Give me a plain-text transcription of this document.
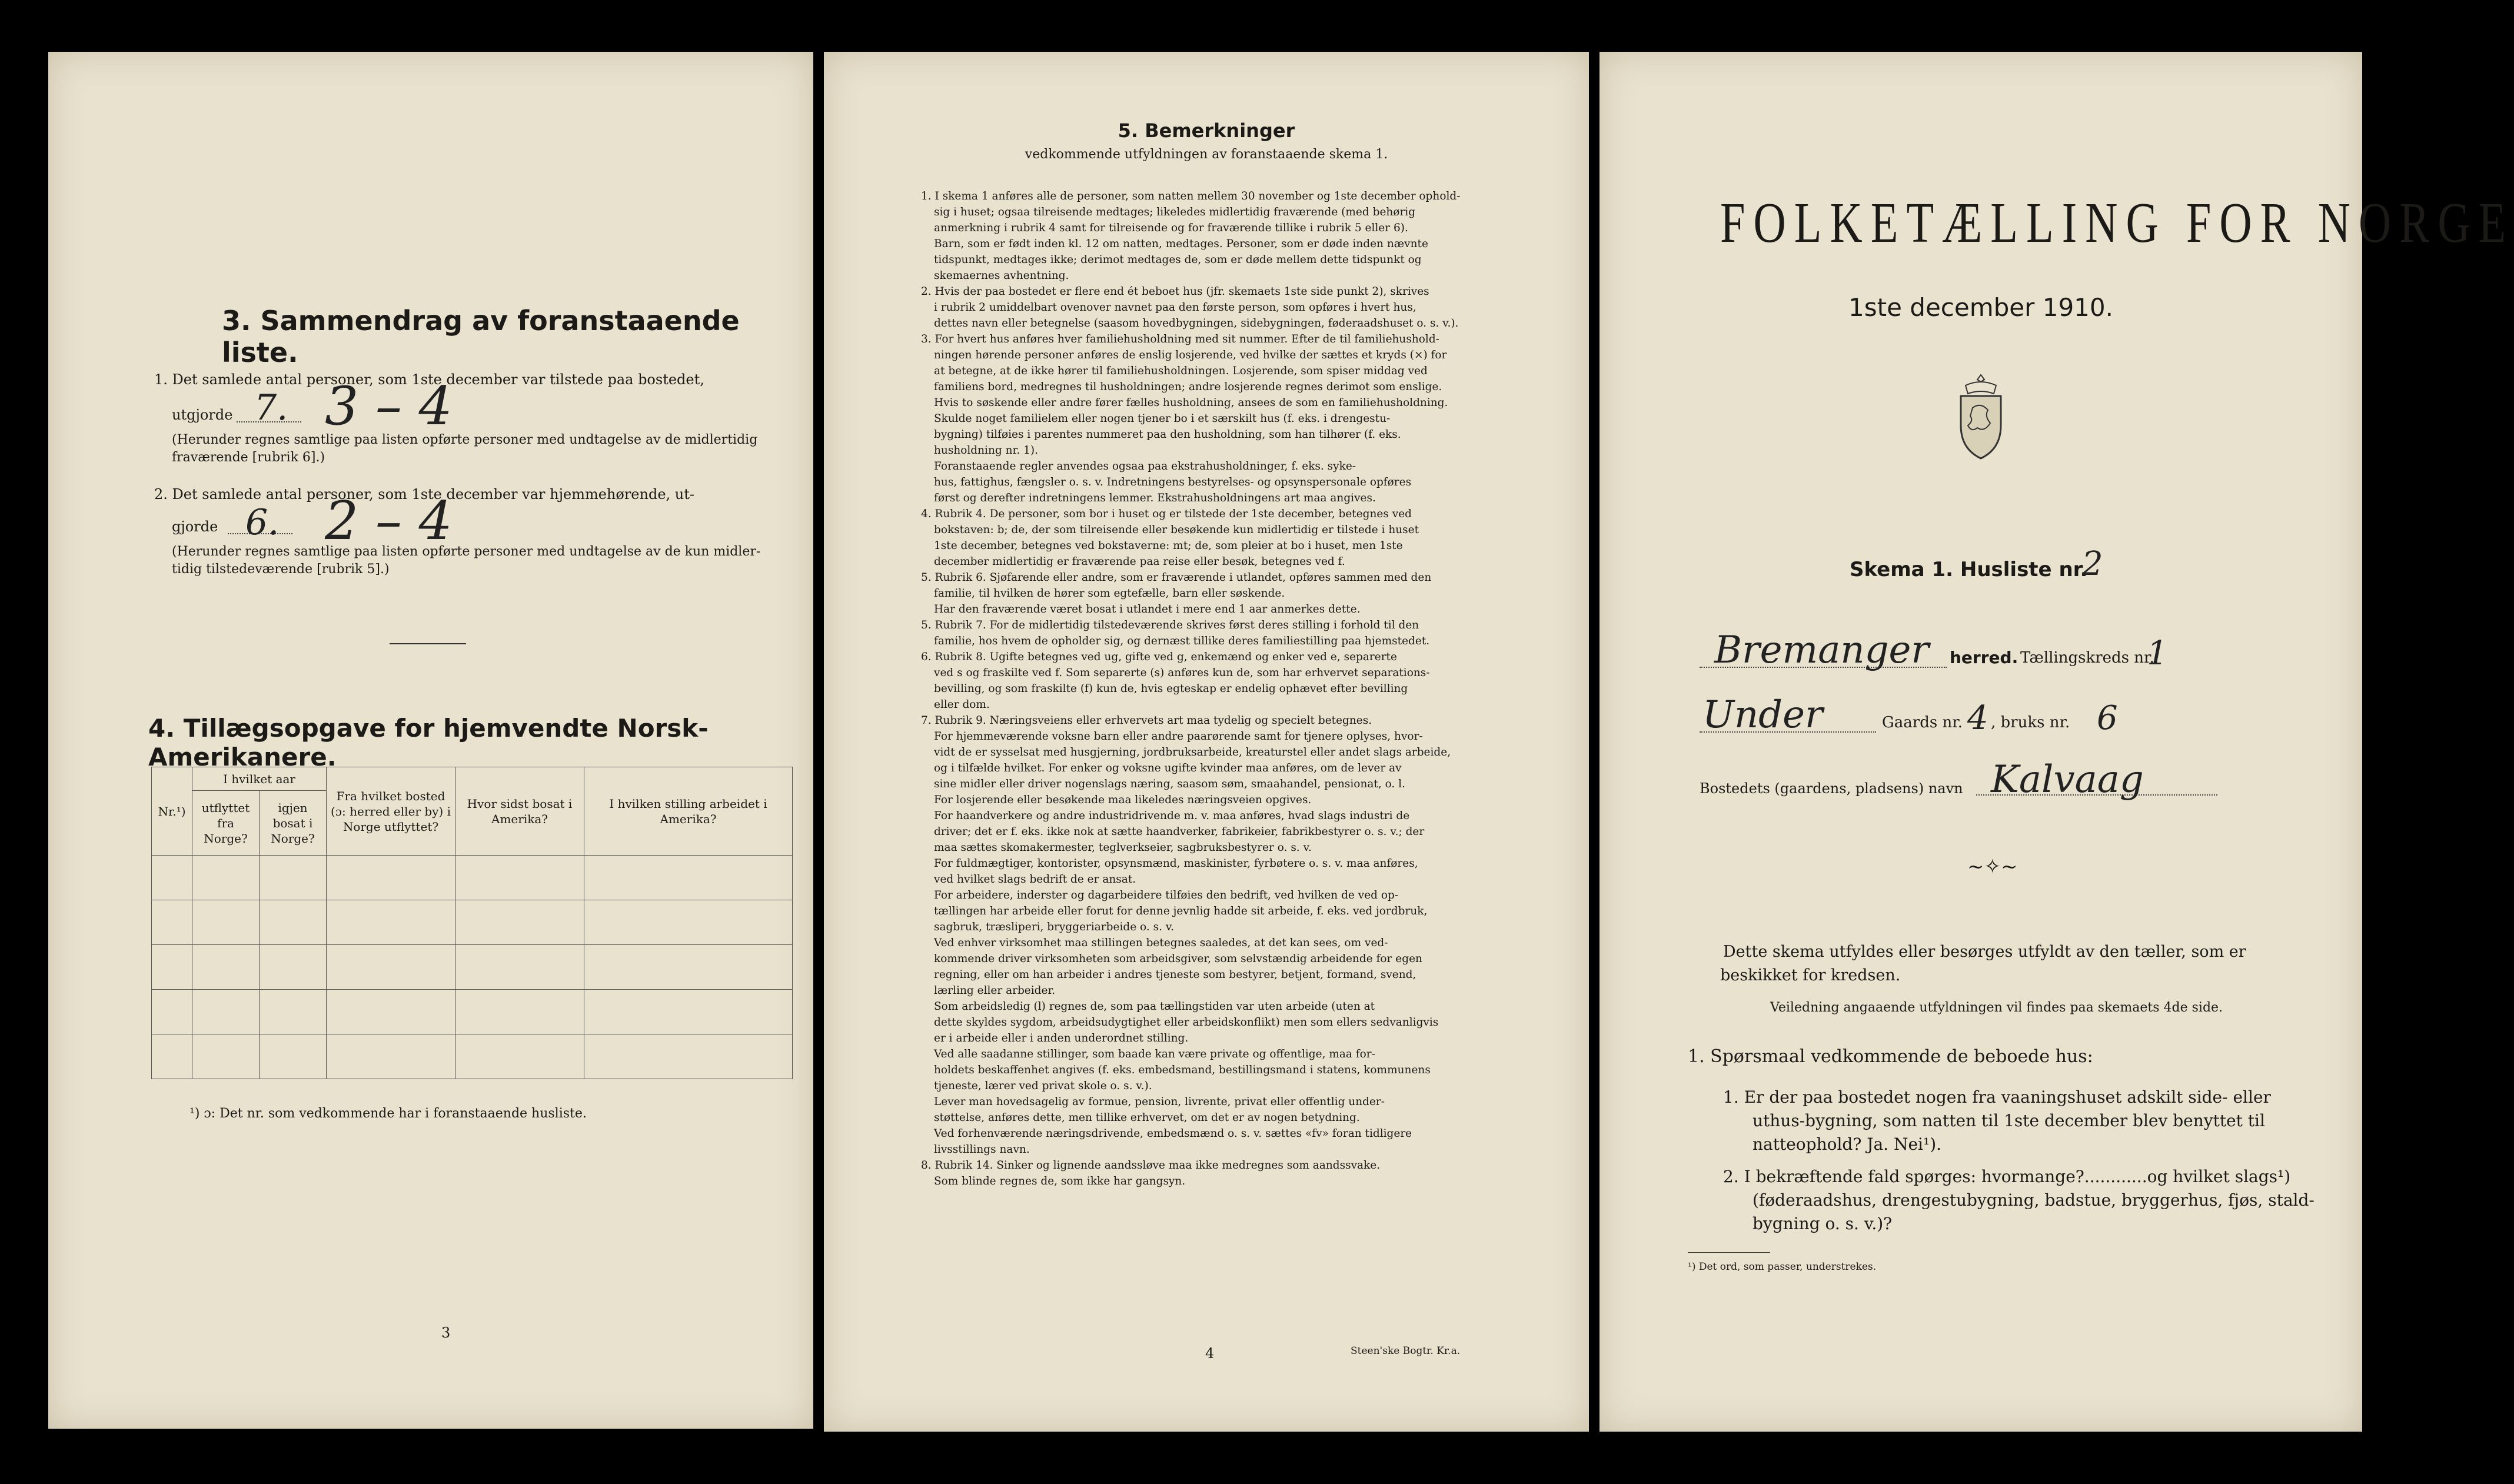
3. Sammendrag av foranstaaende liste.
1. Det samlede antal personer, som 1ste december var tilstede paa bostedet,
utgjorde 7. 3 – 4
(Herunder regnes samtlige paa listen opførte personer med undtagelse av de midlertidig
fraværende [rubrik 6].)
2. Det samlede antal personer, som 1ste december var hjemmehørende, ut-
gjorde 6. 2 – 4
(Herunder regnes samtlige paa listen opførte personer med undtagelse av de kun midler-
tidig tilstedeværende [rubrik 5].)
4. Tillægsopgave for hjemvendte Norsk-Amerikanere.
Nr.¹)	I hvilket aar		Fra hvilket bosted (ɔ: herred eller by) i Norge utflyttet?	Hvor sidst bosat i Amerika?	I hvilken stilling arbeidet i Amerika?
	utflyttet fra Norge?	igjen bosat i Norge?			

¹) ɔ: Det nr. som vedkommende har i foranstaaende husliste.
3
5. Bemerkninger
vedkommende utfyldningen av foranstaaende skema 1.
1. I skema 1 anføres alle de personer, som natten mellem 30 november og 1ste december ophold-
sig i huset; ogsaa tilreisende medtages; likeledes midlertidig fraværende (med behørig
anmerkning i rubrik 4 samt for tilreisende og for fraværende tillike i rubrik 5 eller 6).
Barn, som er født inden kl. 12 om natten, medtages. Personer, som er døde inden nævnte
tidspunkt, medtages ikke; derimot medtages de, som er døde mellem dette tidspunkt og
skemaernes avhentning.
2. Hvis der paa bostedet er flere end ét beboet hus (jfr. skemaets 1ste side punkt 2), skrives
i rubrik 2 umiddelbart ovenover navnet paa den første person, som opføres i hvert hus,
dettes navn eller betegnelse (saasom hovedbygningen, sidebygningen, føderaadshuset o. s. v.).
3. For hvert hus anføres hver familiehusholdning med sit nummer. Efter de til familiehushold-
ningen hørende personer anføres de enslig losjerende, ved hvilke der sættes et kryds (×) for
at betegne, at de ikke hører til familiehusholdningen. Losjerende, som spiser middag ved
familiens bord, medregnes til husholdningen; andre losjerende regnes derimot som enslige.
Hvis to søskende eller andre fører fælles husholdning, ansees de som en familiehusholdning.
Skulde noget familielem eller nogen tjener bo i et særskilt hus (f. eks. i drengestu-
bygning) tilføies i parentes nummeret paa den husholdning, som han tilhører (f. eks.
husholdning nr. 1).
Foranstaaende regler anvendes ogsaa paa ekstrahusholdninger, f. eks. syke-
hus, fattighus, fængsler o. s. v. Indretningens bestyrelses- og opsynspersonale opføres
først og derefter indretningens lemmer. Ekstrahusholdningens art maa angives.
4. Rubrik 4. De personer, som bor i huset og er tilstede der 1ste december, betegnes ved
bokstaven: b; de, der som tilreisende eller besøkende kun midlertidig er tilstede i huset
1ste december, betegnes ved bokstaverne: mt; de, som pleier at bo i huset, men 1ste
december midlertidig er fraværende paa reise eller besøk, betegnes ved f.
5. Rubrik 6. Sjøfarende eller andre, som er fraværende i utlandet, opføres sammen med den
familie, til hvilken de hører som egtefælle, barn eller søskende.
Har den fraværende været bosat i utlandet i mere end 1 aar anmerkes dette.
5. Rubrik 7. For de midlertidig tilstedeværende skrives først deres stilling i forhold til den
familie, hos hvem de opholder sig, og dernæst tillike deres familiestilling paa hjemstedet.
6. Rubrik 8. Ugifte betegnes ved ug, gifte ved g, enkemænd og enker ved e, separerte
ved s og fraskilte ved f. Som separerte (s) anføres kun de, som har erhvervet separations-
bevilling, og som fraskilte (f) kun de, hvis egteskap er endelig ophævet efter bevilling
eller dom.
7. Rubrik 9. Næringsveiens eller erhvervets art maa tydelig og specielt betegnes.
For hjemmeværende voksne barn eller andre paarørende samt for tjenere oplyses, hvor-
vidt de er sysselsat med husgjerning, jordbruksarbeide, kreaturstel eller andet slags arbeide,
og i tilfælde hvilket. For enker og voksne ugifte kvinder maa anføres, om de lever av
sine midler eller driver nogenslags næring, saasom søm, smaahandel, pensionat, o. l.
For losjerende eller besøkende maa likeledes næringsveien opgives.
For haandverkere og andre industridrivende m. v. maa anføres, hvad slags industri de
driver; det er f. eks. ikke nok at sætte haandverker, fabrikeier, fabrikbestyrer o. s. v.; der
maa sættes skomakermester, teglverkseier, sagbruksbestyrer o. s. v.
For fuldmægtiger, kontorister, opsynsmænd, maskinister, fyrbøtere o. s. v. maa anføres,
ved hvilket slags bedrift de er ansat.
For arbeidere, inderster og dagarbeidere tilføies den bedrift, ved hvilken de ved op-
tællingen har arbeide eller forut for denne jevnlig hadde sit arbeide, f. eks. ved jordbruk,
sagbruk, træsliperi, bryggeriarbeide o. s. v.
Ved enhver virksomhet maa stillingen betegnes saaledes, at det kan sees, om ved-
kommende driver virksomheten som arbeidsgiver, som selvstændig arbeidende for egen
regning, eller om han arbeider i andres tjeneste som bestyrer, betjent, formand, svend,
lærling eller arbeider.
Som arbeidsledig (l) regnes de, som paa tællingstiden var uten arbeide (uten at
dette skyldes sygdom, arbeidsudygtighet eller arbeidskonflikt) men som ellers sedvanligvis
er i arbeide eller i anden underordnet stilling.
Ved alle saadanne stillinger, som baade kan være private og offentlige, maa for-
holdets beskaffenhet angives (f. eks. embedsmand, bestillingsmand i statens, kommunens
tjeneste, lærer ved privat skole o. s. v.).
Lever man hovedsagelig av formue, pension, livrente, privat eller offentlig under-
støttelse, anføres dette, men tillike erhvervet, om det er av nogen betydning.
Ved forhenværende næringsdrivende, embedsmænd o. s. v. sættes «fv» foran tidligere
livsstillings navn.
8. Rubrik 14. Sinker og lignende aandssløve maa ikke medregnes som aandssvake.
Som blinde regnes de, som ikke har gangsyn.
4	Steen'ske Bogtr. Kr.a.
FOLKETÆLLING FOR NORGE
1ste december 1910.
Skema 1. Husliste nr.
2
Bremanger herred. Tællingskreds nr.
1
Under	Gaards nr. 4 , bruks nr. 6
Bostedets (gaardens, pladsens) navn Kalvaag
~✧~
Dette skema utfyldes eller besørges utfyldt av den tæller, som er
beskikket for kredsen.
Veiledning angaaende utfyldningen vil findes paa skemaets 4de side.
1. Spørsmaal vedkommende de beboede hus:
1. Er der paa bostedet nogen fra vaaningshuset adskilt side- eller
uthus-bygning, som natten til 1ste december blev benyttet til
natteophold? Ja. Nei¹).
2. I bekræftende fald spørges: hvormange?............og hvilket slags¹)
(føderaadshus, drengestubygning, badstue, bryggerhus, fjøs, stald-
bygning o. s. v.)?
¹) Det ord, som passer, understrekes.
